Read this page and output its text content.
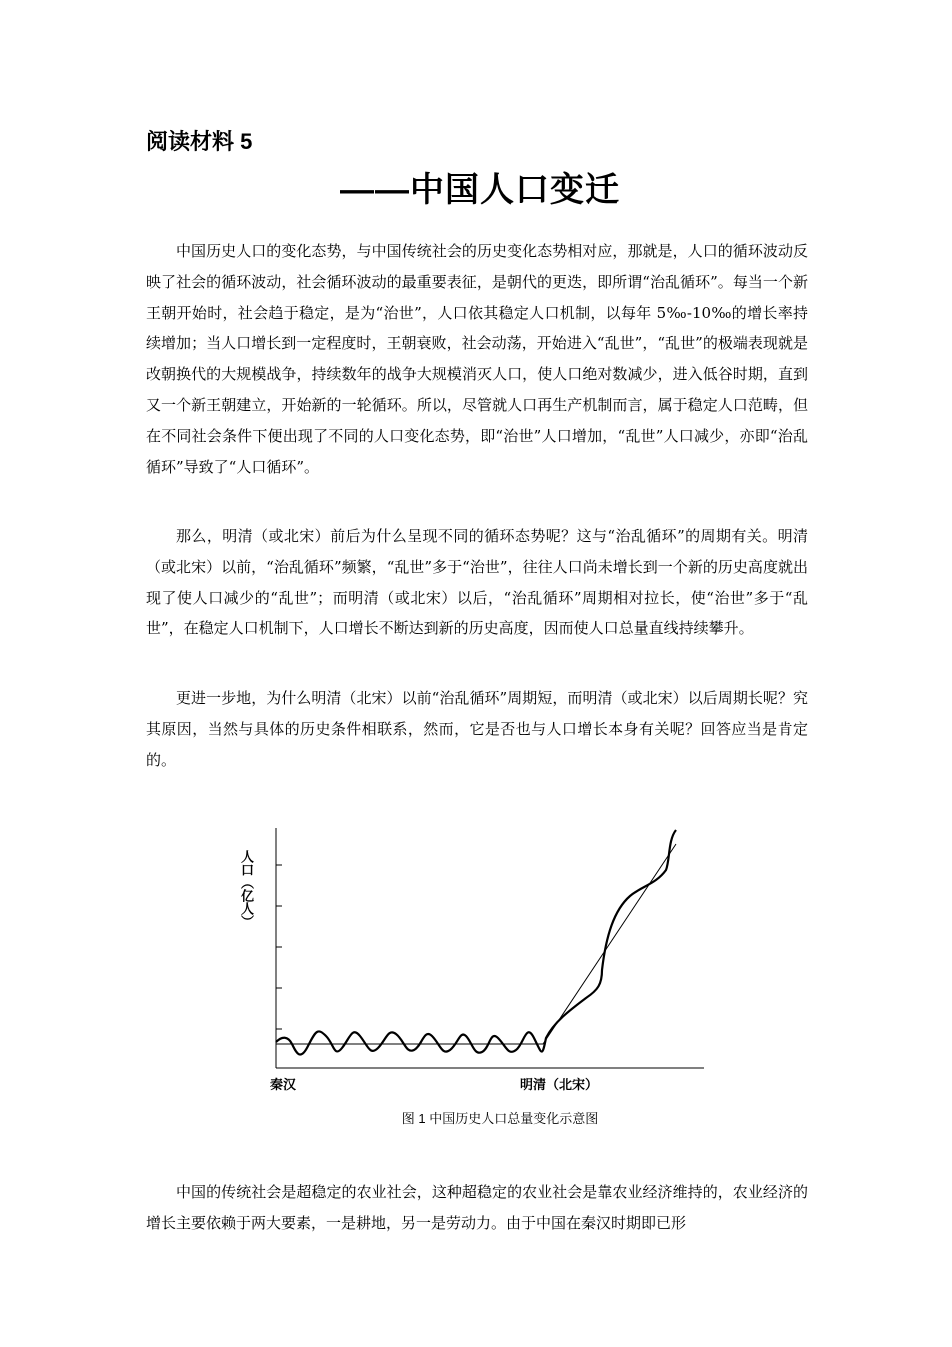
阅读材料 5
——中国人口变迁

中国历史人口的变化态势，与中国传统社会的历史变化态势相对应，那就是，人口的循环波动反映了社会的循环波动，社会循环波动的最重要表征，是朝代的更迭，即所谓“治乱循环”。每当一个新王朝开始时，社会趋于稳定，是为“治世”，人口依其稳定人口机制，以每年 5‰-10‰的增长率持续增加；当人口增长到一定程度时，王朝衰败，社会动荡，开始进入“乱世”，“乱世”的极端表现就是改朝换代的大规模战争，持续数年的战争大规模消灭人口，使人口绝对数减少，进入低谷时期，直到又一个新王朝建立，开始新的一轮循环。所以，尽管就人口再生产机制而言，属于稳定人口范畴，但在不同社会条件下便出现了不同的人口变化态势，即“治世”人口增加，“乱世”人口减少，亦即“治乱循环”导致了“人口循环”。

那么，明清（或北宋）前后为什么呈现不同的循环态势呢？这与“治乱循环”的周期有关。明清（或北宋）以前，“治乱循环”频繁，“乱世”多于“治世”，往往人口尚未增长到一个新的历史高度就出现了使人口减少的“乱世”；而明清（或北宋）以后，“治乱循环”周期相对拉长，使“治世”多于“乱世”，在稳定人口机制下，人口增长不断达到新的历史高度，因而使人口总量直线持续攀升。

更进一步地，为什么明清（北宋）以前“治乱循环”周期短，而明清（或北宋）以后周期长呢？究其原因，当然与具体的历史条件相联系，然而，它是否也与人口增长本身有关呢？回答应当是肯定的。

人口（亿人）
秦汉	明清（北宋）
图 1 中国历史人口总量变化示意图

中国的传统社会是超稳定的农业社会，这种超稳定的农业社会是靠农业经济维持的，农业经济的增长主要依赖于两大要素，一是耕地，另一是劳动力。由于中国在秦汉时期即已形
